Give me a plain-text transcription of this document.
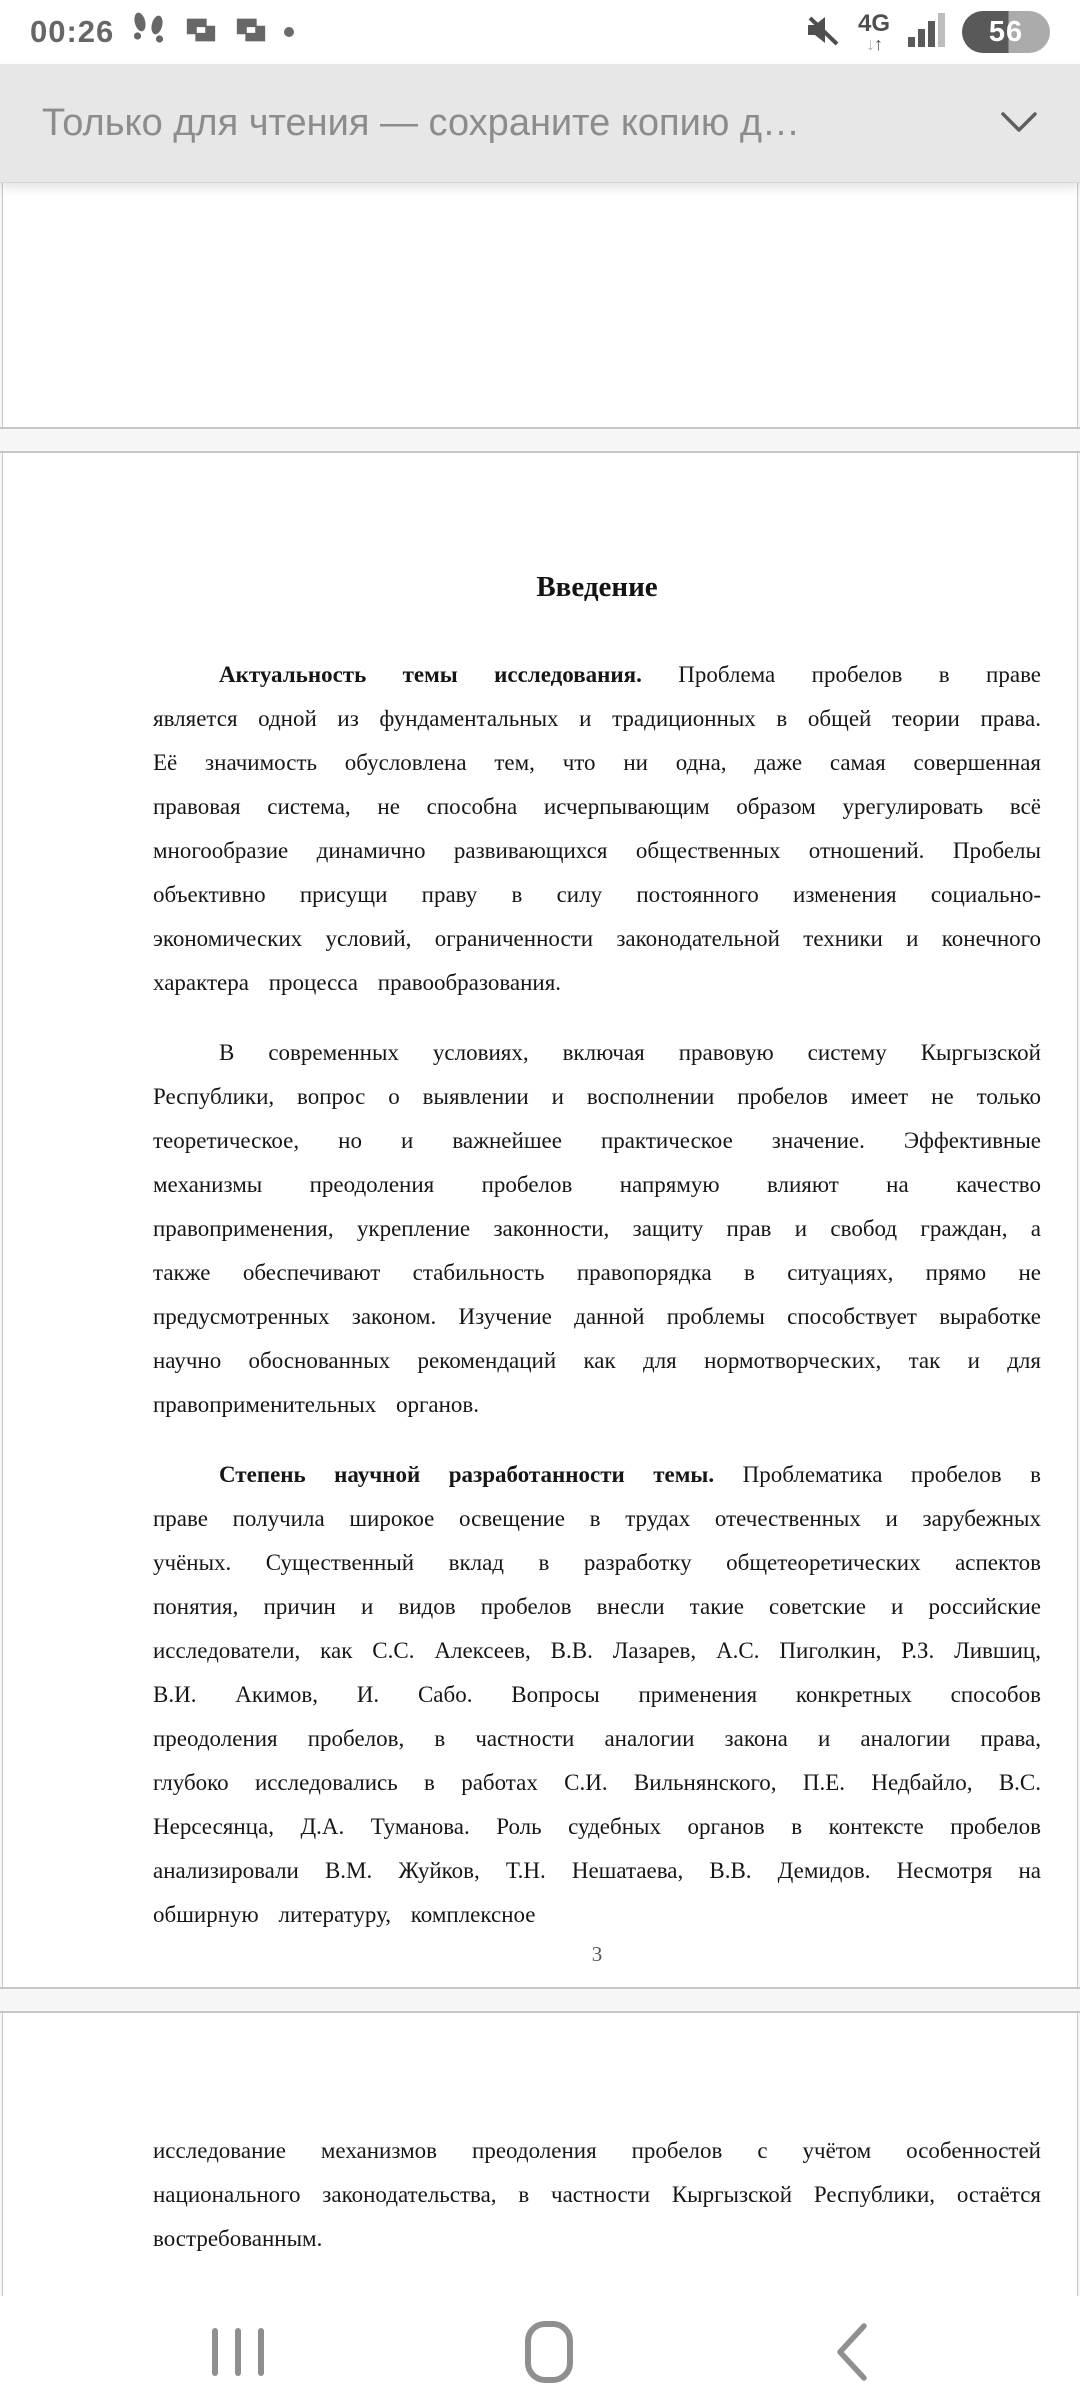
00:26	4G
↓↑	56
Только для чтения — сохраните копию д…
Введение

Актуальность темы исследования. Проблема пробелов в праве является одной из фундаментальных и традиционных в общей теории права. Её значимость обусловлена тем, что ни одна, даже самая совершенная правовая система, не способна исчерпывающим образом урегулировать всё многообразие динамично развивающихся общественных отношений. Пробелы объективно присущи праву в силу постоянного изменения социально-экономических условий, ограниченности законодательной техники и конечного характера процесса правообразования.

В современных условиях, включая правовую систему Кыргызской Республики, вопрос о выявлении и восполнении пробелов имеет не только теоретическое, но и важнейшее практическое значение. Эффективные механизмы преодоления пробелов напрямую влияют на качество правоприменения, укрепление законности, защиту прав и свобод граждан, а также обеспечивают стабильность правопорядка в ситуациях, прямо не предусмотренных законом. Изучение данной проблемы способствует выработке научно обоснованных рекомендаций как для нормотворческих, так и для правоприменительных органов.

Степень научной разработанности темы. Проблематика пробелов в праве получила широкое освещение в трудах отечественных и зарубежных учёных. Существенный вклад в разработку общетеоретических аспектов понятия, причин и видов пробелов внесли такие советские и российские исследователи, как С.С. Алексеев, В.В. Лазарев, А.С. Пиголкин, Р.З. Лившиц, В.И. Акимов, И. Сабо. Вопросы применения конкретных способов преодоления пробелов, в частности аналогии закона и аналогии права, глубоко исследовались в работах С.И. Вильнянского, П.Е. Недбайло, В.С. Нерсесянца, Д.А. Туманова. Роль судебных органов в контексте пробелов анализировали В.М. Жуйков, Т.Н. Нешатаева, В.В. Демидов. Несмотря на обширную литературу, комплексное

3

исследование механизмов преодоления пробелов с учётом особенностей национального законодательства, в частности Кыргызской Республики, остаётся востребованным.
